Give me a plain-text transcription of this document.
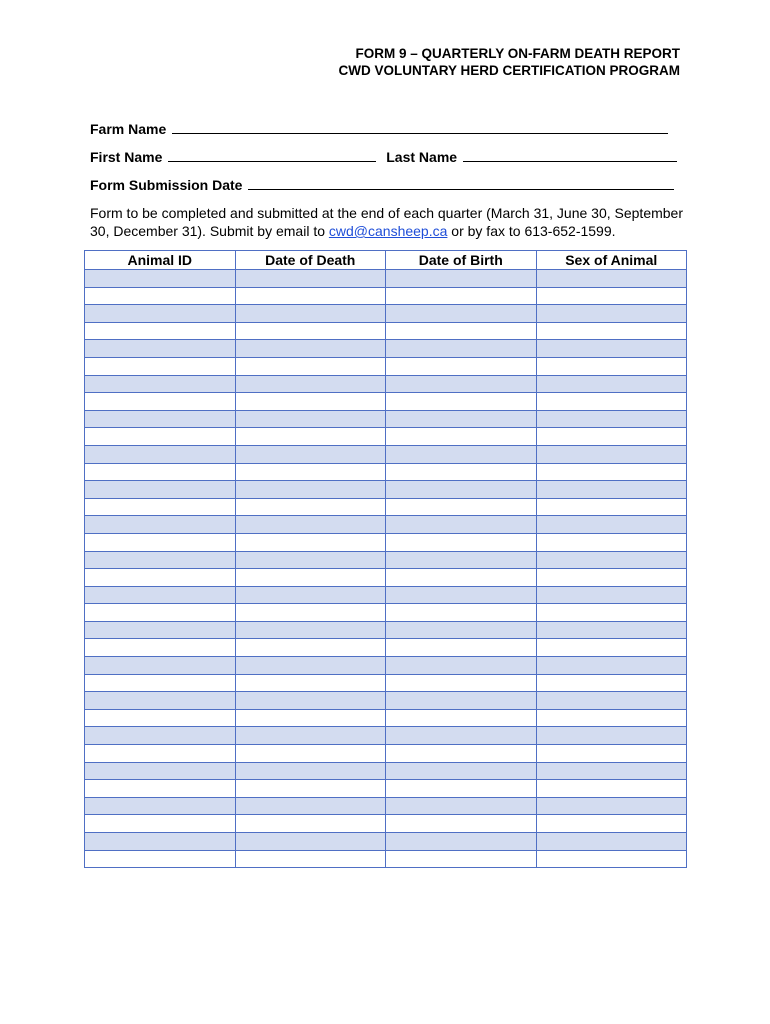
FORM 9 – QUARTERLY ON-FARM DEATH REPORT
CWD VOLUNTARY HERD CERTIFICATION PROGRAM
Farm Name
First Name	Last Name
Form Submission Date
Form to be completed and submitted at the end of each quarter (March 31, June 30, September
30, December 31). Submit by email to cwd@cansheep.ca or by fax to 613-652-1599.
Animal ID	Date of Death	Date of Birth	Sex of Animal
